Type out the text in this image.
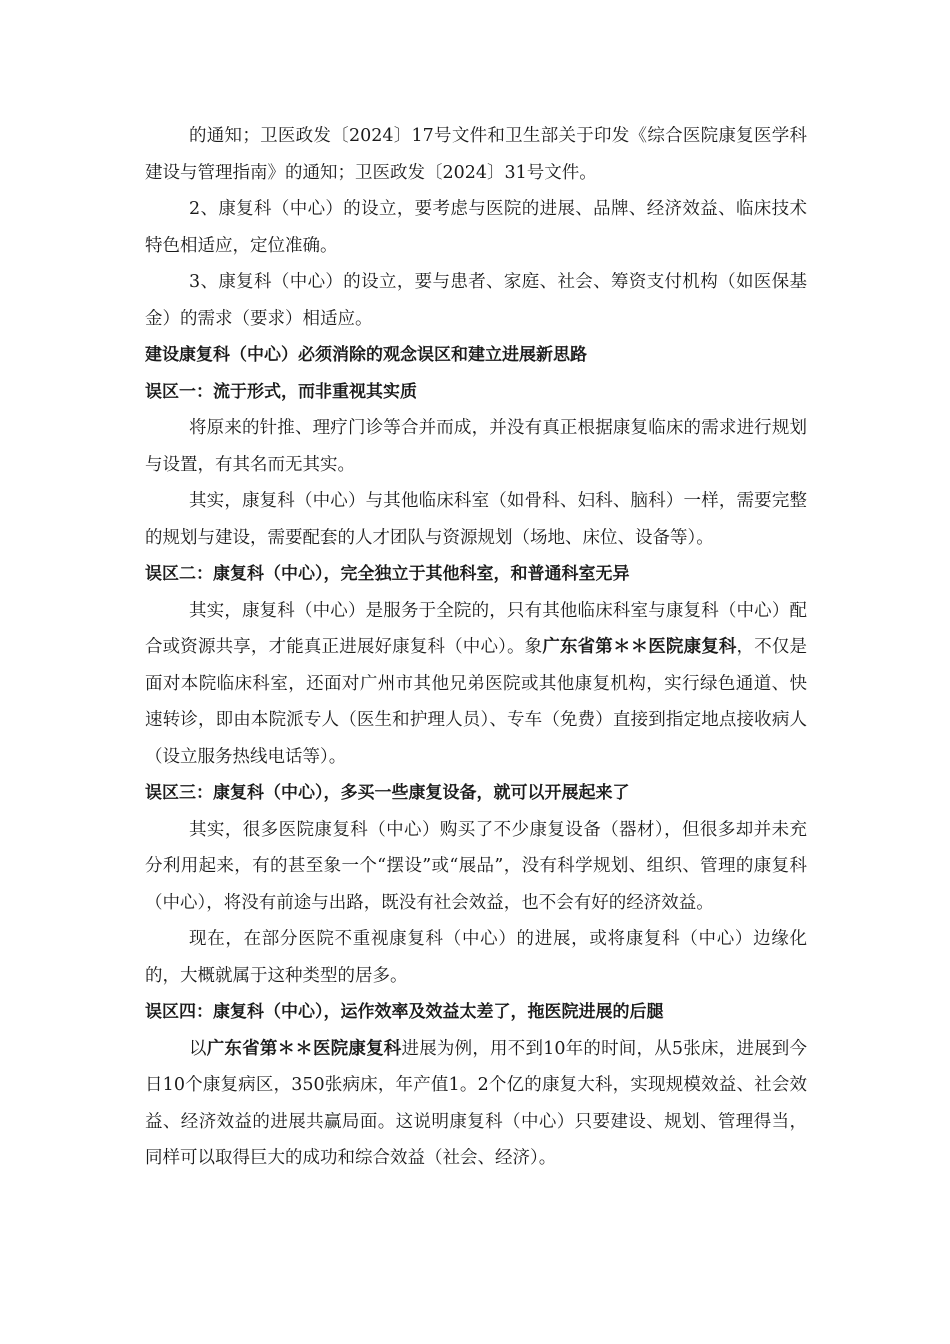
的通知；卫医政发〔2024〕17号文件和卫生部关于印发《综合医院康复医学科建设与管理指南》的通知；卫医政发〔2024〕31号文件。

2、康复科（中心）的设立，要考虑与医院的进展、品牌、经济效益、临床技术特色相适应，定位准确。

3、康复科（中心）的设立，要与患者、家庭、社会、筹资支付机构（如医保基金）的需求（要求）相适应。

建设康复科（中心）必须消除的观念误区和建立进展新思路

误区一：流于形式，而非重视其实质

将原来的针推、理疗门诊等合并而成，并没有真正根据康复临床的需求进行规划与设置，有其名而无其实。

其实，康复科（中心）与其他临床科室（如骨科、妇科、脑科）一样，需要完整的规划与建设，需要配套的人才团队与资源规划（场地、床位、设备等）。

误区二：康复科（中心），完全独立于其他科室，和普通科室无异

其实，康复科（中心）是服务于全院的，只有其他临床科室与康复科（中心）配合或资源共享，才能真正进展好康复科（中心）。象广东省第＊＊医院康复科，不仅是面对本院临床科室，还面对广州市其他兄弟医院或其他康复机构，实行绿色通道、快速转诊，即由本院派专人（医生和护理人员）、专车（免费）直接到指定地点接收病人（设立服务热线电话等）。

误区三：康复科（中心），多买一些康复设备，就可以开展起来了

其实，很多医院康复科（中心）购买了不少康复设备（器材），但很多却并未充分利用起来，有的甚至象一个“摆设”或“展品”，没有科学规划、组织、管理的康复科（中心），将没有前途与出路，既没有社会效益，也不会有好的经济效益。

现在，在部分医院不重视康复科（中心）的进展，或将康复科（中心）边缘化的，大概就属于这种类型的居多。

误区四：康复科（中心），运作效率及效益太差了，拖医院进展的后腿

以广东省第＊＊医院康复科进展为例，用不到10年的时间，从5张床，进展到今日10个康复病区，350张病床，年产值1。2个亿的康复大科，实现规模效益、社会效益、经济效益的进展共赢局面。这说明康复科（中心）只要建设、规划、管理得当，同样可以取得巨大的成功和综合效益（社会、经济）。
